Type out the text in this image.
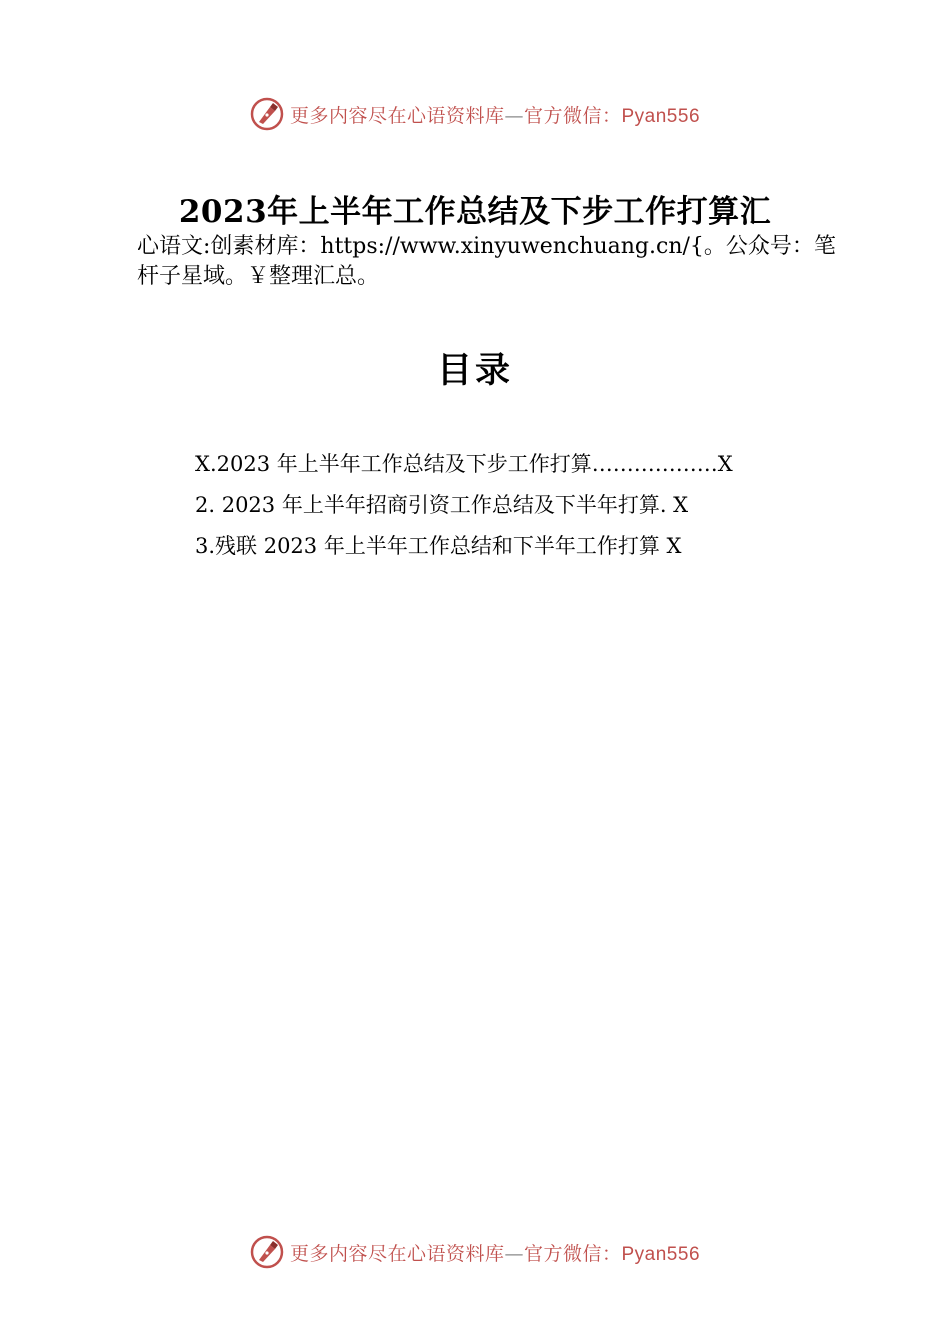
更多内容尽在心语资料库—官方微信：Pyan556
2023年上半年工作总结及下步工作打算汇

心语文:创素材库：https://www.xinyuwenchuang.cn/{。公众号：笔杆子星域。￥整理汇总。

目录
X.2023 年上半年工作总结及下步工作打算………………X
2. 2023 年上半年招商引资工作总结及下半年打算. X
3.残联 2023 年上半年工作总结和下半年工作打算 X
更多内容尽在心语资料库—官方微信：Pyan556
